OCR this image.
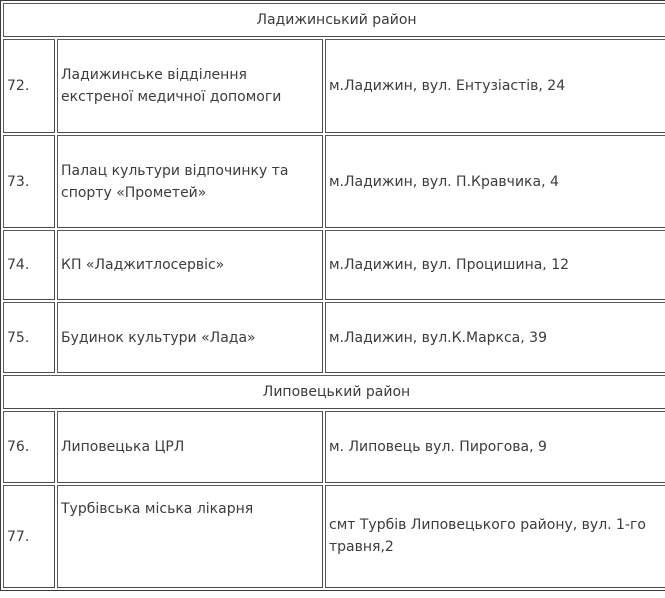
Ладижинський район		
72.	Ладижинське відділення екстреної медичної допомоги	м.Ладижин, вул. Ентузіастів, 24
73.	Палац культури відпочинку та спорту «Прометей»	м.Ладижин, вул. П.Кравчика, 4
74.	КП «Ладжитлосервіс»	м.Ладижин, вул. Процишина, 12
75.	Будинок культури «Лада»	м.Ладижин, вул.К.Маркса, 39
Липовецький район		
76.	Липовецька ЦРЛ	м. Липовець вул. Пирогова, 9
77.	Турбівська міська лікарня	смт Турбів Липовецького району, вул. 1-го травня,2
